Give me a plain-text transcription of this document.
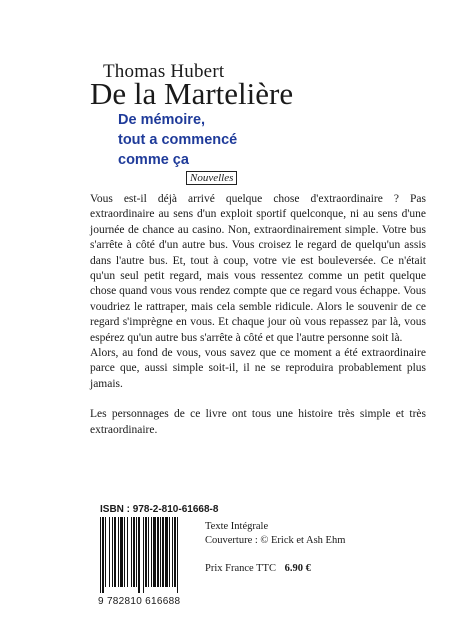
Thomas Hubert
De la Martelière
De mémoire,
tout a commencé
comme ça
Nouvelles

Vous est-il déjà arrivé quelque chose d'extraordinaire ? Pas extraordinaire au sens d'un exploit sportif quelconque, ni au sens d'une journée de chance au casino. Non, extraordinairement simple. Votre bus s'arrête à côté d'un autre bus. Vous croisez le regard de quelqu'un assis dans l'autre bus. Et, tout à coup, votre vie est bouleversée. Ce n'était qu'un seul petit regard, mais vous ressentez comme un petit quelque chose quand vous vous rendez compte que ce regard vous échappe. Vous voudriez le rattraper, mais cela semble ridicule. Alors le souvenir de ce regard s'imprègne en vous. Et chaque jour où vous repassez par là, vous espérez qu'un autre bus s'arrête à côté et que l'autre personne soit là.

Alors, au fond de vous, vous savez que ce moment a été extraordinaire parce que, aussi simple soit-il, il ne se reproduira probablement plus jamais.

Les personnages de ce livre ont tous une histoire très simple et très extraordinaire.

ISBN : 978-2-810-61668-8
9 782810 616688
Texte Intégrale
Couverture : © Erick et Ash Ehm
Prix France TTC 6.90 €
